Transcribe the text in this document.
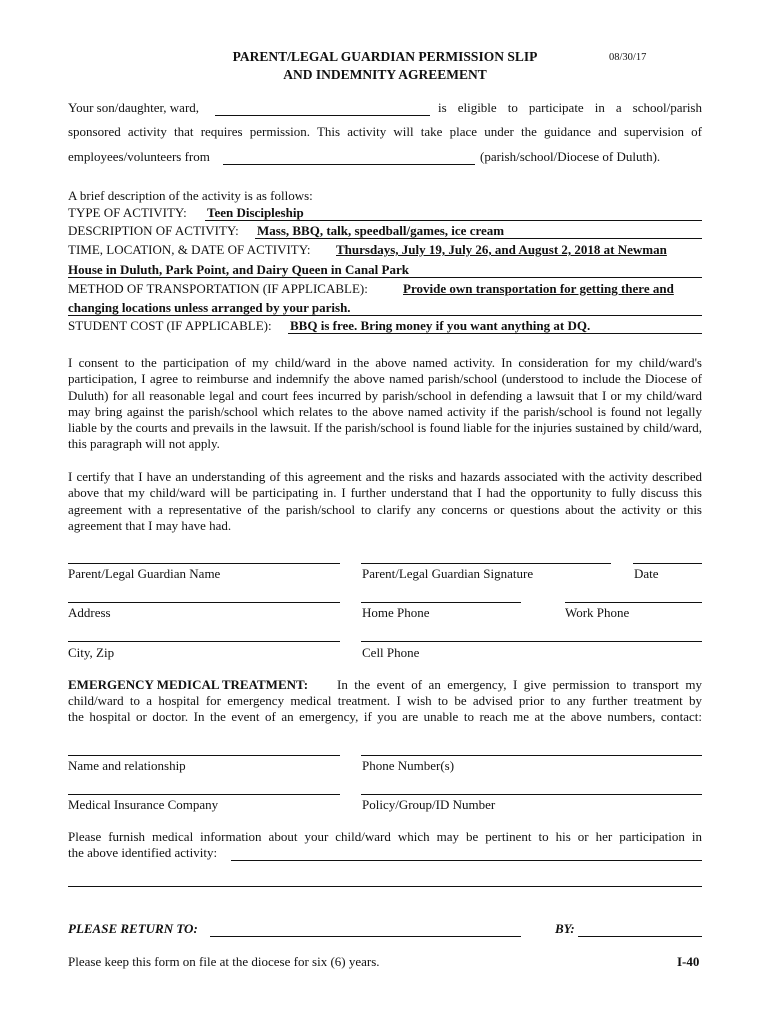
PARENT/LEGAL GUARDIAN PERMISSION SLIP
AND INDEMNITY AGREEMENT
08/30/17
Your son/daughter, ward,	is eligible to participate in a school/parish
sponsored activity that requires permission. This activity will take place under the guidance and supervision of
employees/volunteers from	(parish/school/Diocese of Duluth).
A brief description of the activity is as follows:
TYPE OF ACTIVITY: Teen Discipleship
DESCRIPTION OF ACTIVITY: Mass, BBQ, talk, speedball/games, ice cream
TIME, LOCATION, & DATE OF ACTIVITY: Thursdays, July 19, July 26, and August 2, 2018 at Newman
House in Duluth, Park Point, and Dairy Queen in Canal Park
METHOD OF TRANSPORTATION (IF APPLICABLE):	Provide own transportation for getting there and
changing locations unless arranged by your parish.
STUDENT COST (IF APPLICABLE): BBQ is free. Bring money if you want anything at DQ.
I consent to the participation of my child/ward in the above named activity. In consideration for my child/ward's participation, I agree to reimburse and indemnify the above named parish/school (understood to include the Diocese of Duluth) for all reasonable legal and court fees incurred by parish/school in defending a lawsuit that I or my child/ward may bring against the parish/school which relates to the above named activity if the parish/school is found not legally liable by the courts and prevails in the lawsuit. If the parish/school is found liable for the injuries sustained by child/ward, this paragraph will not apply.
I certify that I have an understanding of this agreement and the risks and hazards associated with the activity described above that my child/ward will be participating in. I further understand that I had the opportunity to fully discuss this agreement with a representative of the parish/school to clarify any concerns or questions about the activity or this agreement that I may have had.
Parent/Legal Guardian Name	Parent/Legal Guardian Signature	Date
Address	Home Phone	Work Phone
City, Zip	Cell Phone
EMERGENCY MEDICAL TREATMENT: In the event of an emergency, I give permission to transport my
child/ward to a hospital for emergency medical treatment. I wish to be advised prior to any further treatment by
the hospital or doctor. In the event of an emergency, if you are unable to reach me at the above numbers, contact:
Name and relationship	Phone Number(s)
Medical Insurance Company	Policy/Group/ID Number
Please furnish medical information about your child/ward which may be pertinent to his or her participation in
the above identified activity:
PLEASE RETURN TO:	BY:
Please keep this form on file at the diocese for six (6) years.	I-40
